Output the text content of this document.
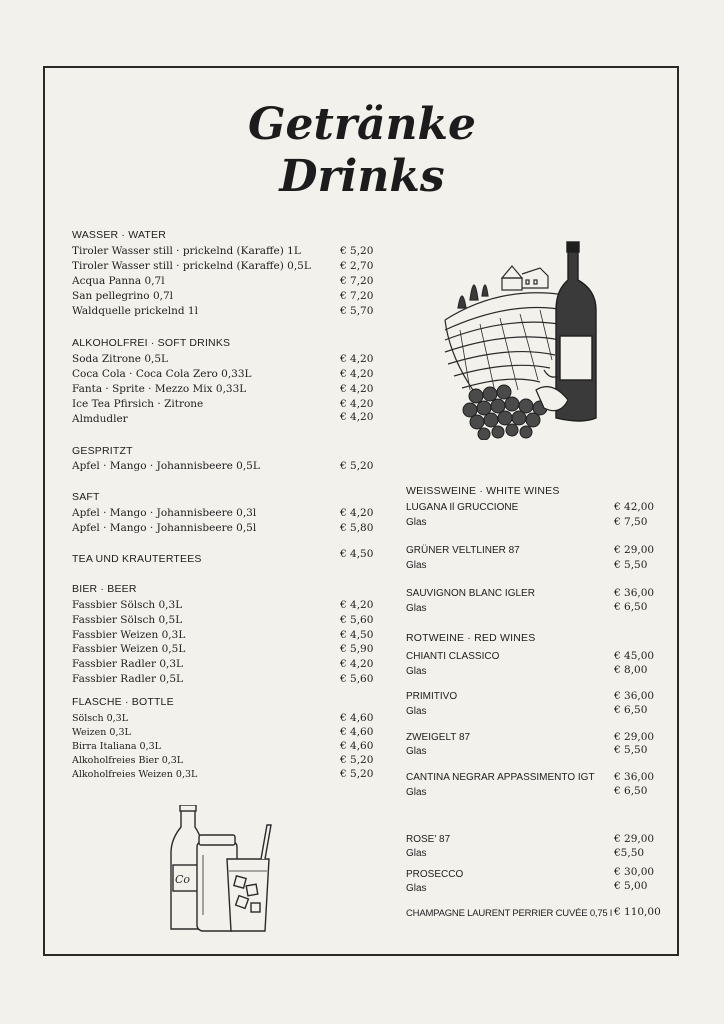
Getränke
Drinks
WASSER · WATER
Tiroler Wasser still · prickelnd (Karaffe) 1L	€ 5,20
Tiroler Wasser still · prickelnd (Karaffe) 0,5L	€ 2,70
Acqua Panna 0,7l	€ 7,20
San pellegrino 0,7l	€ 7,20
Waldquelle prickelnd 1l	€ 5,70
ALKOHOLFREI · SOFT DRINKS
Soda Zitrone 0,5L	€ 4,20
Coca Cola · Coca Cola Zero 0,33L	€ 4,20
Fanta · Sprite · Mezzo Mix 0,33L	€ 4,20
Ice Tea Pfirsich · Zitrone	€ 4,20
Almdudler	€ 4,20
GESPRITZT
Apfel · Mango · Johannisbeere 0,5L	€ 5,20
SAFT
Apfel · Mango · Johannisbeere 0,3l	€ 4,20
Apfel · Mango · Johannisbeere 0,5l	€ 5,80
TEA UND KRAUTERTEES	€ 4,50
BIER · BEER
Fassbier Sölsch 0,3L	€ 4,20
Fassbier Sölsch 0,5L	€ 5,60
Fassbier Weizen 0,3L	€ 4,50
Fassbier Weizen 0,5L	€ 5,90
Fassbier Radler 0,3L	€ 4,20
Fassbier Radler 0,5L	€ 5,60
FLASCHE · BOTTLE
Sölsch 0,3L	€ 4,60
Weizen 0,3L	€ 4,60
Birra Italiana 0,3L	€ 4,60
Alkoholfreies Bier 0,3L	€ 5,20
Alkoholfreies Weizen 0,3L	€ 5,20
WEISSWEINE · WHITE WINES
LUGANA Il GRUCCIONE	€ 42,00
Glas	€ 7,50
GRÜNER VELTLINER 87	€ 29,00
Glas	€ 5,50
SAUVIGNON BLANC IGLER	€ 36,00
Glas	€ 6,50
ROTWEINE · RED WINES
CHIANTI CLASSICO	€ 45,00
Glas	€ 8,00
PRIMITIVO	€ 36,00
Glas	€ 6,50
ZWEIGELT 87	€ 29,00
Glas	€ 5,50
CANTINA NEGRAR APPASSIMENTO IGT € 36,00
Glas	€ 6,50
ROSE' 87	€ 29,00
Glas	€5,50
PROSECCO	€ 30,00
Glas	€ 5,00
CHAMPAGNE LAURENT PERRIER CUVÉE 0,75 l € 110,00
Co
